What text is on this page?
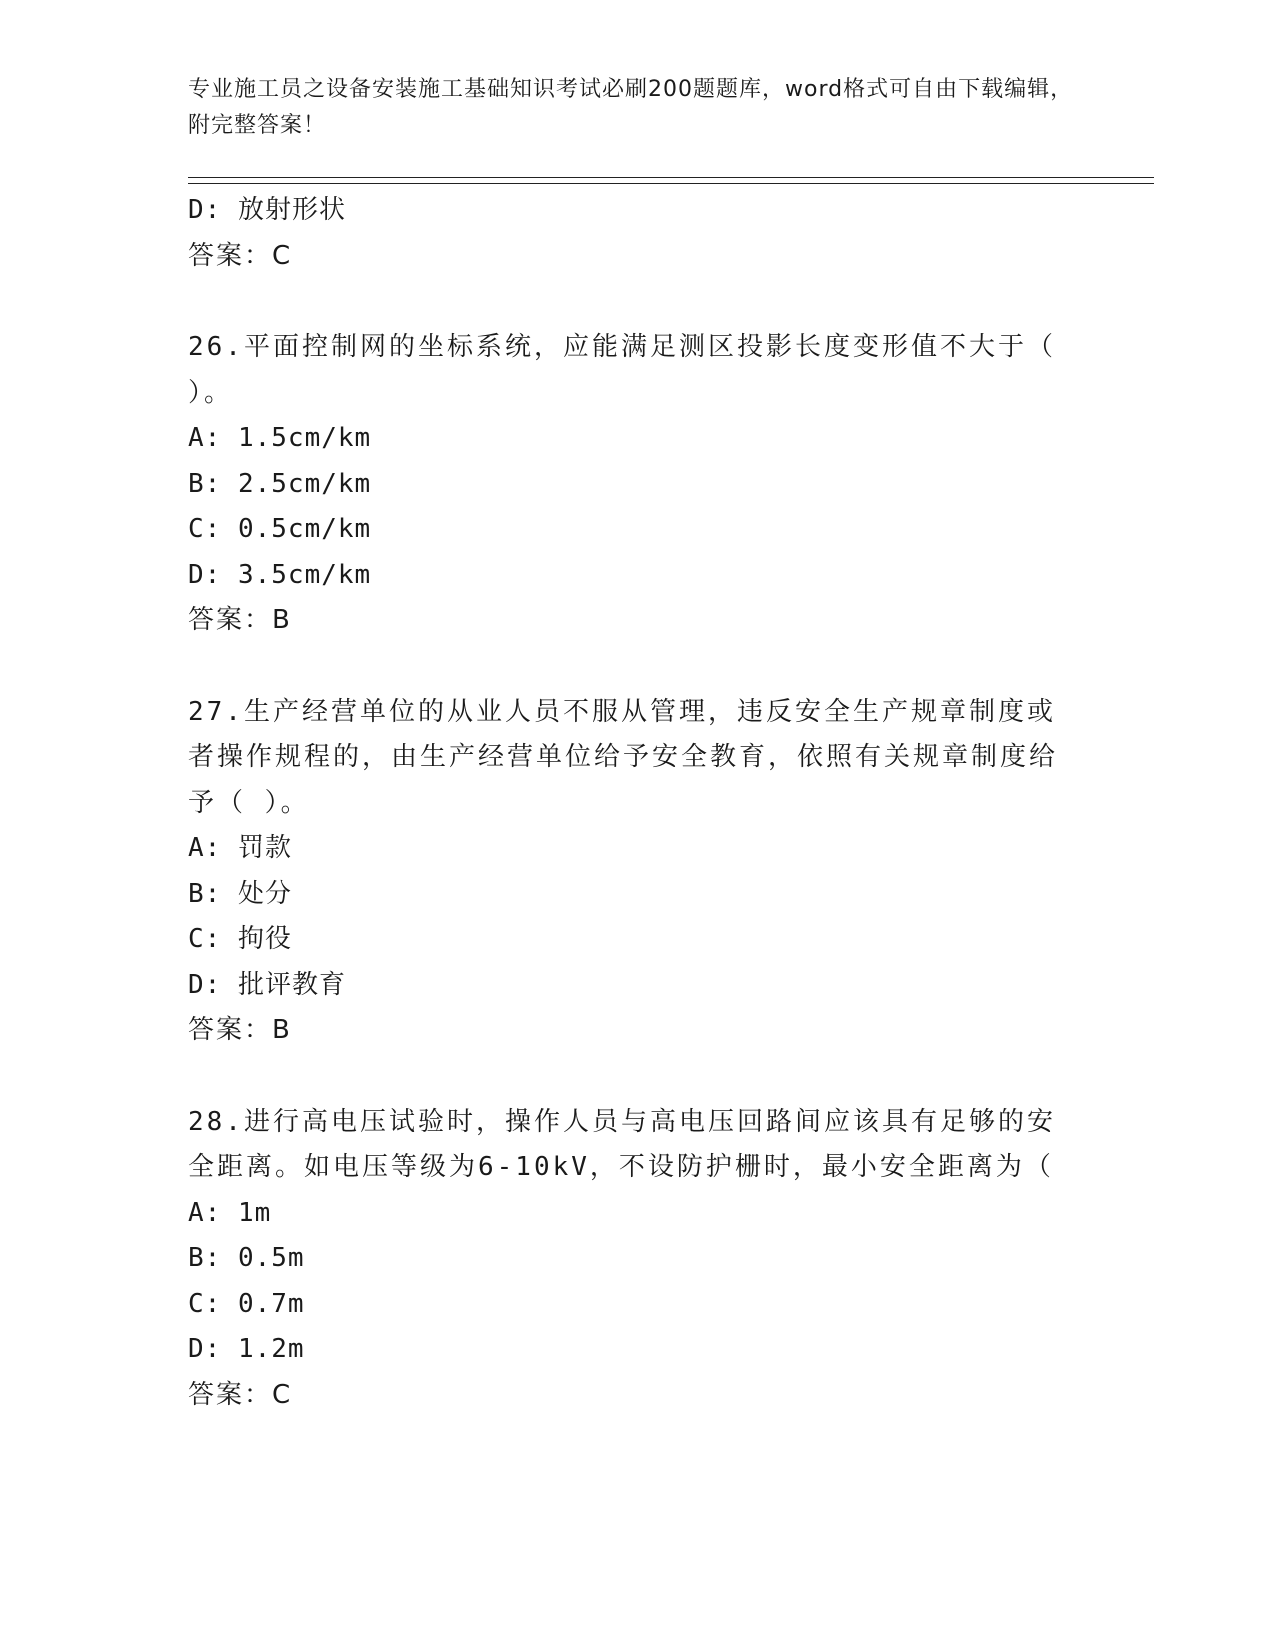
专业施工员之设备安装施工基础知识考试必刷200题题库，word格式可自由下载编辑，附完整答案！
D: 放射形状
答案：C
26.平面控制网的坐标系统，应能满足测区投影长度变形值不大于（ ）。
A: 1.5cm/km
B: 2.5cm/km
C: 0.5cm/km
D: 3.5cm/km
答案：B
27.生产经营单位的从业人员不服从管理，违反安全生产规章制度或者操作规程的，由生产经营单位给予安全教育，依照有关规章制度给予（ ）。
A: 罚款
B: 处分
C: 拘役
D: 批评教育
答案：B
28.进行高电压试验时，操作人员与高电压回路间应该具有足够的安全距离。如电压等级为6-10kV，不设防护栅时，最小安全距离为（
A: 1m
B: 0.5m
C: 0.7m
D: 1.2m
答案：C
